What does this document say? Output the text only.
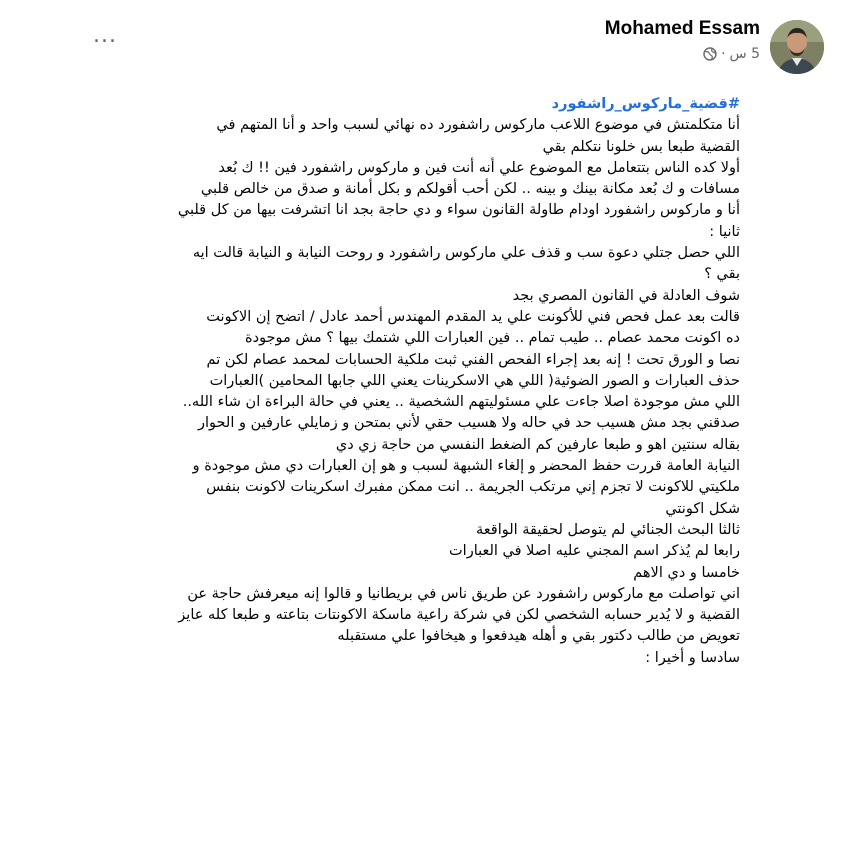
...	Mohamed Essam
· 5 س
#قضية_ماركوس_راشفورد
أنا متكلمتش في موضوع اللاعب ماركوس راشفورد ده نهائي لسبب واحد و أنا المتهم في
القضية طبعا بس خلونا نتكلم بقي
أولا كده الناس بتتعامل مع الموضوع علي أنه أنت فين و ماركوس راشفورد فين !! ك بُعد
مسافات و ك بُعد مكانة بينك و بينه .. لكن أحب أقولكم و بكل أمانة و صدق من خالص قلبي
أنا و ماركوس راشفورد اودام طاولة القانون سواء و دي حاجة بجد انا اتشرفت بيها من كل قلبي
ثانيا :
اللي حصل جتلي دعوة سب و قذف علي ماركوس راشفورد و روحت النيابة و النيابة قالت ايه
بقي ؟
شوف العادلة في القانون المصري بجد
قالت بعد عمل فحص فني للأكونت علي يد المقدم المهندس أحمد عادل / اتضح إن الاكونت
ده اكونت محمد عصام .. طيب تمام .. فين العبارات اللي شتمك بيها ؟ مش موجودة
نصا و الورق تحت ! إنه بعد إجراء الفحص الفني ثبت ملكية الحسابات لمحمد عصام لكن تم
حذف العبارات و الصور الضوئية( اللي هي الاسكرينات يعني اللي جابها المحامين )العبارات
اللي مش موجودة اصلا جاءت علي مسئوليتهم الشخصية .. يعني في حالة البراءة ان شاء الله..
صدقني بجد مش هسيب حد في حاله ولا هسيب حقي لأني بمتحن و زمايلي عارفين و الحوار
بقاله سنتين اهو و طبعا عارفين كم الضغط النفسي من حاجة زي دي
النيابة العامة قررت حفظ المحضر و إلغاء الشبهة لسبب و هو إن العبارات دي مش موجودة و
ملكيتي للاكونت لا تجزم إني مرتكب الجريمة .. انت ممكن مفبرك اسكرينات لاكونت بنفس
شكل اكونتي
ثالثا البحث الجنائي لم يتوصل لحقيقة الواقعة
رابعا لم يُذكر اسم المجني عليه اصلا في العبارات
خامسا و دي الاهم
اني تواصلت مع ماركوس راشفورد عن طريق ناس في بريطانيا و قالوا إنه ميعرفش حاجة عن
القضية و لا يُدير حسابه الشخصي لكن في شركة راعية ماسكة الاكونتات بتاعته و طبعا كله عايز
تعويض من طالب دكتور بقي و أهله هيدفعوا و هيخافوا علي مستقبله
سادسا و أخيرا :
